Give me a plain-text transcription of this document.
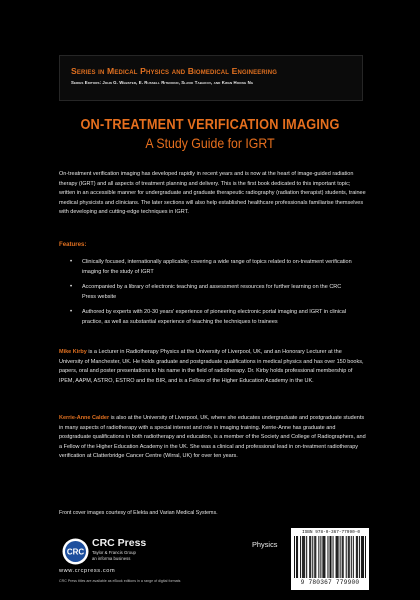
Series in Medical Physics and Biomedical Engineering
Series Editors: John G. Webster, E. Russell Ritenour, Slavik Tabakov, and Kwan Hoong Ng
ON-TREATMENT VERIFICATION IMAGING
A Study Guide for IGRT
On-treatment verification imaging has developed rapidly in recent years and is now at the heart of image-guided radiation therapy (IGRT) and all aspects of treatment planning and delivery. This is the first book dedicated to this important topic; written in an accessible manner for undergraduate and graduate therapeutic radiography (radiation therapist) students, trainee medical physicists and clinicians. The later sections will also help established healthcare professionals familiarise themselves with developing and cutting-edge techniques in IGRT.
Features:
• Clinically focused, internationally applicable; covering a wide range of topics related to on-treatment verification imaging for the study of IGRT
• Accompanied by a library of electronic teaching and assessment resources for further learning on the CRC Press website
• Authored by experts with 20-30 years' experience of pioneering electronic portal imaging and IGRT in clinical practice, as well as substantial experience of teaching the techniques to trainees
Mike Kirby is a Lecturer in Radiotherapy Physics at the University of Liverpool, UK, and an Honorary Lecturer at the University of Manchester, UK. He holds graduate and postgraduate qualifications in medical physics and has over 150 books, papers, oral and poster presentations to his name in the field of radiotherapy. Dr. Kirby holds professional membership of IPEM, AAPM, ASTRO, ESTRO and the BIR, and is a Fellow of the Higher Education Academy in the UK.
Kerrie-Anne Calder is also at the University of Liverpool, UK, where she educates undergraduate and postgraduate students in many aspects of radiotherapy with a special interest and role in imaging training. Kerrie-Anne has graduate and postgraduate qualifications in both radiotherapy and education, is a member of the Society and College of Radiographers, and a Fellow of the Higher Education Academy in the UK. She was a clinical and professional lead in on-treatment radiotherapy verification at Clatterbridge Cancer Centre (Wirral, UK) for over ten years.
Front cover images courtesy of Elekta and Varian Medical Systems.
CRC
CRC Press
Taylor & Francis Group
an informa business
www.crcpress.com
CRC Press titles are available as eBook editions in a range of digital formats
Physics
ISBN 978-0-367-77990-0
9 780367 779900
